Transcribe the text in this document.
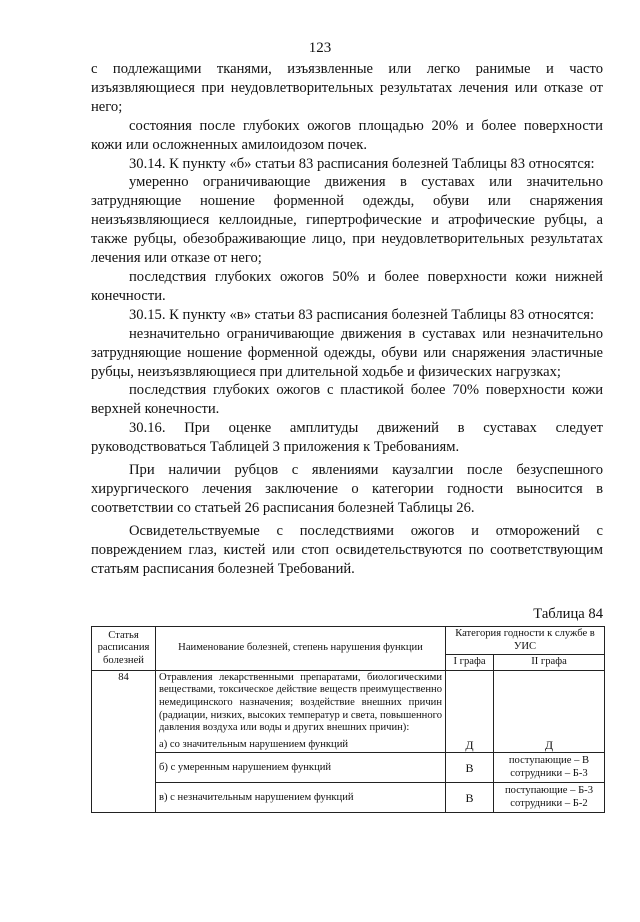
123

с подлежащими тканями, изъязвленные или легко ранимые и часто изъязвляющиеся при неудовлетворительных результатах лечения или отказе от него;

состояния после глубоких ожогов площадью 20% и более поверхности кожи или осложненных амилоидозом почек.

30.14. К пункту «б» статьи 83 расписания болезней Таблицы 83 относятся:

умеренно ограничивающие движения в суставах или значительно затрудняющие ношение форменной одежды, обуви или снаряжения неизъязвляющиеся келлоидные, гипертрофические и атрофические рубцы, а также рубцы, обезображивающие лицо, при неудовлетворительных результатах лечения или отказе от него;

последствия глубоких ожогов 50% и более поверхности кожи нижней конечности.

30.15. К пункту «в» статьи 83 расписания болезней Таблицы 83 относятся:

незначительно ограничивающие движения в суставах или незначительно затрудняющие ношение форменной одежды, обуви или снаряжения эластичные рубцы, неизъязвляющиеся при длительной ходьбе и физических нагрузках;

последствия глубоких ожогов с пластикой более 70% поверхности кожи верхней конечности.

30.16. При оценке амплитуды движений в суставах следует руководствоваться Таблицей 3 приложения к Требованиям.

При наличии рубцов с явлениями каузалгии после безуспешного хирургического лечения заключение о категории годности выносится в соответствии со статьей 26 расписания болезней Таблицы 26.

Освидетельствуемые с последствиями ожогов и отморожений с повреждением глаз, кистей или стоп освидетельствуются по соответствующим статьям расписания болезней Требований.

Таблица 84
Статья расписания болезней	Наименование болезней, степень нарушения функции	Категория годности к службе в УИС	
		I графа	II графа
84	Отравления лекарственными препаратами, биологическими веществами, токсическое действие веществ преимущественно немедицинского назначения; воздействие внешних причин (радиации, низких, высоких температур и света, повышенного давления воздуха или воды и других внешних причин):
а) со значительным нарушением функций	Д	Д
	б) с умеренным нарушением функций	В	поступающие – В сотрудники – Б-3
	в) с незначительным нарушением функций	В	поступающие – Б-3 сотрудники – Б-2
